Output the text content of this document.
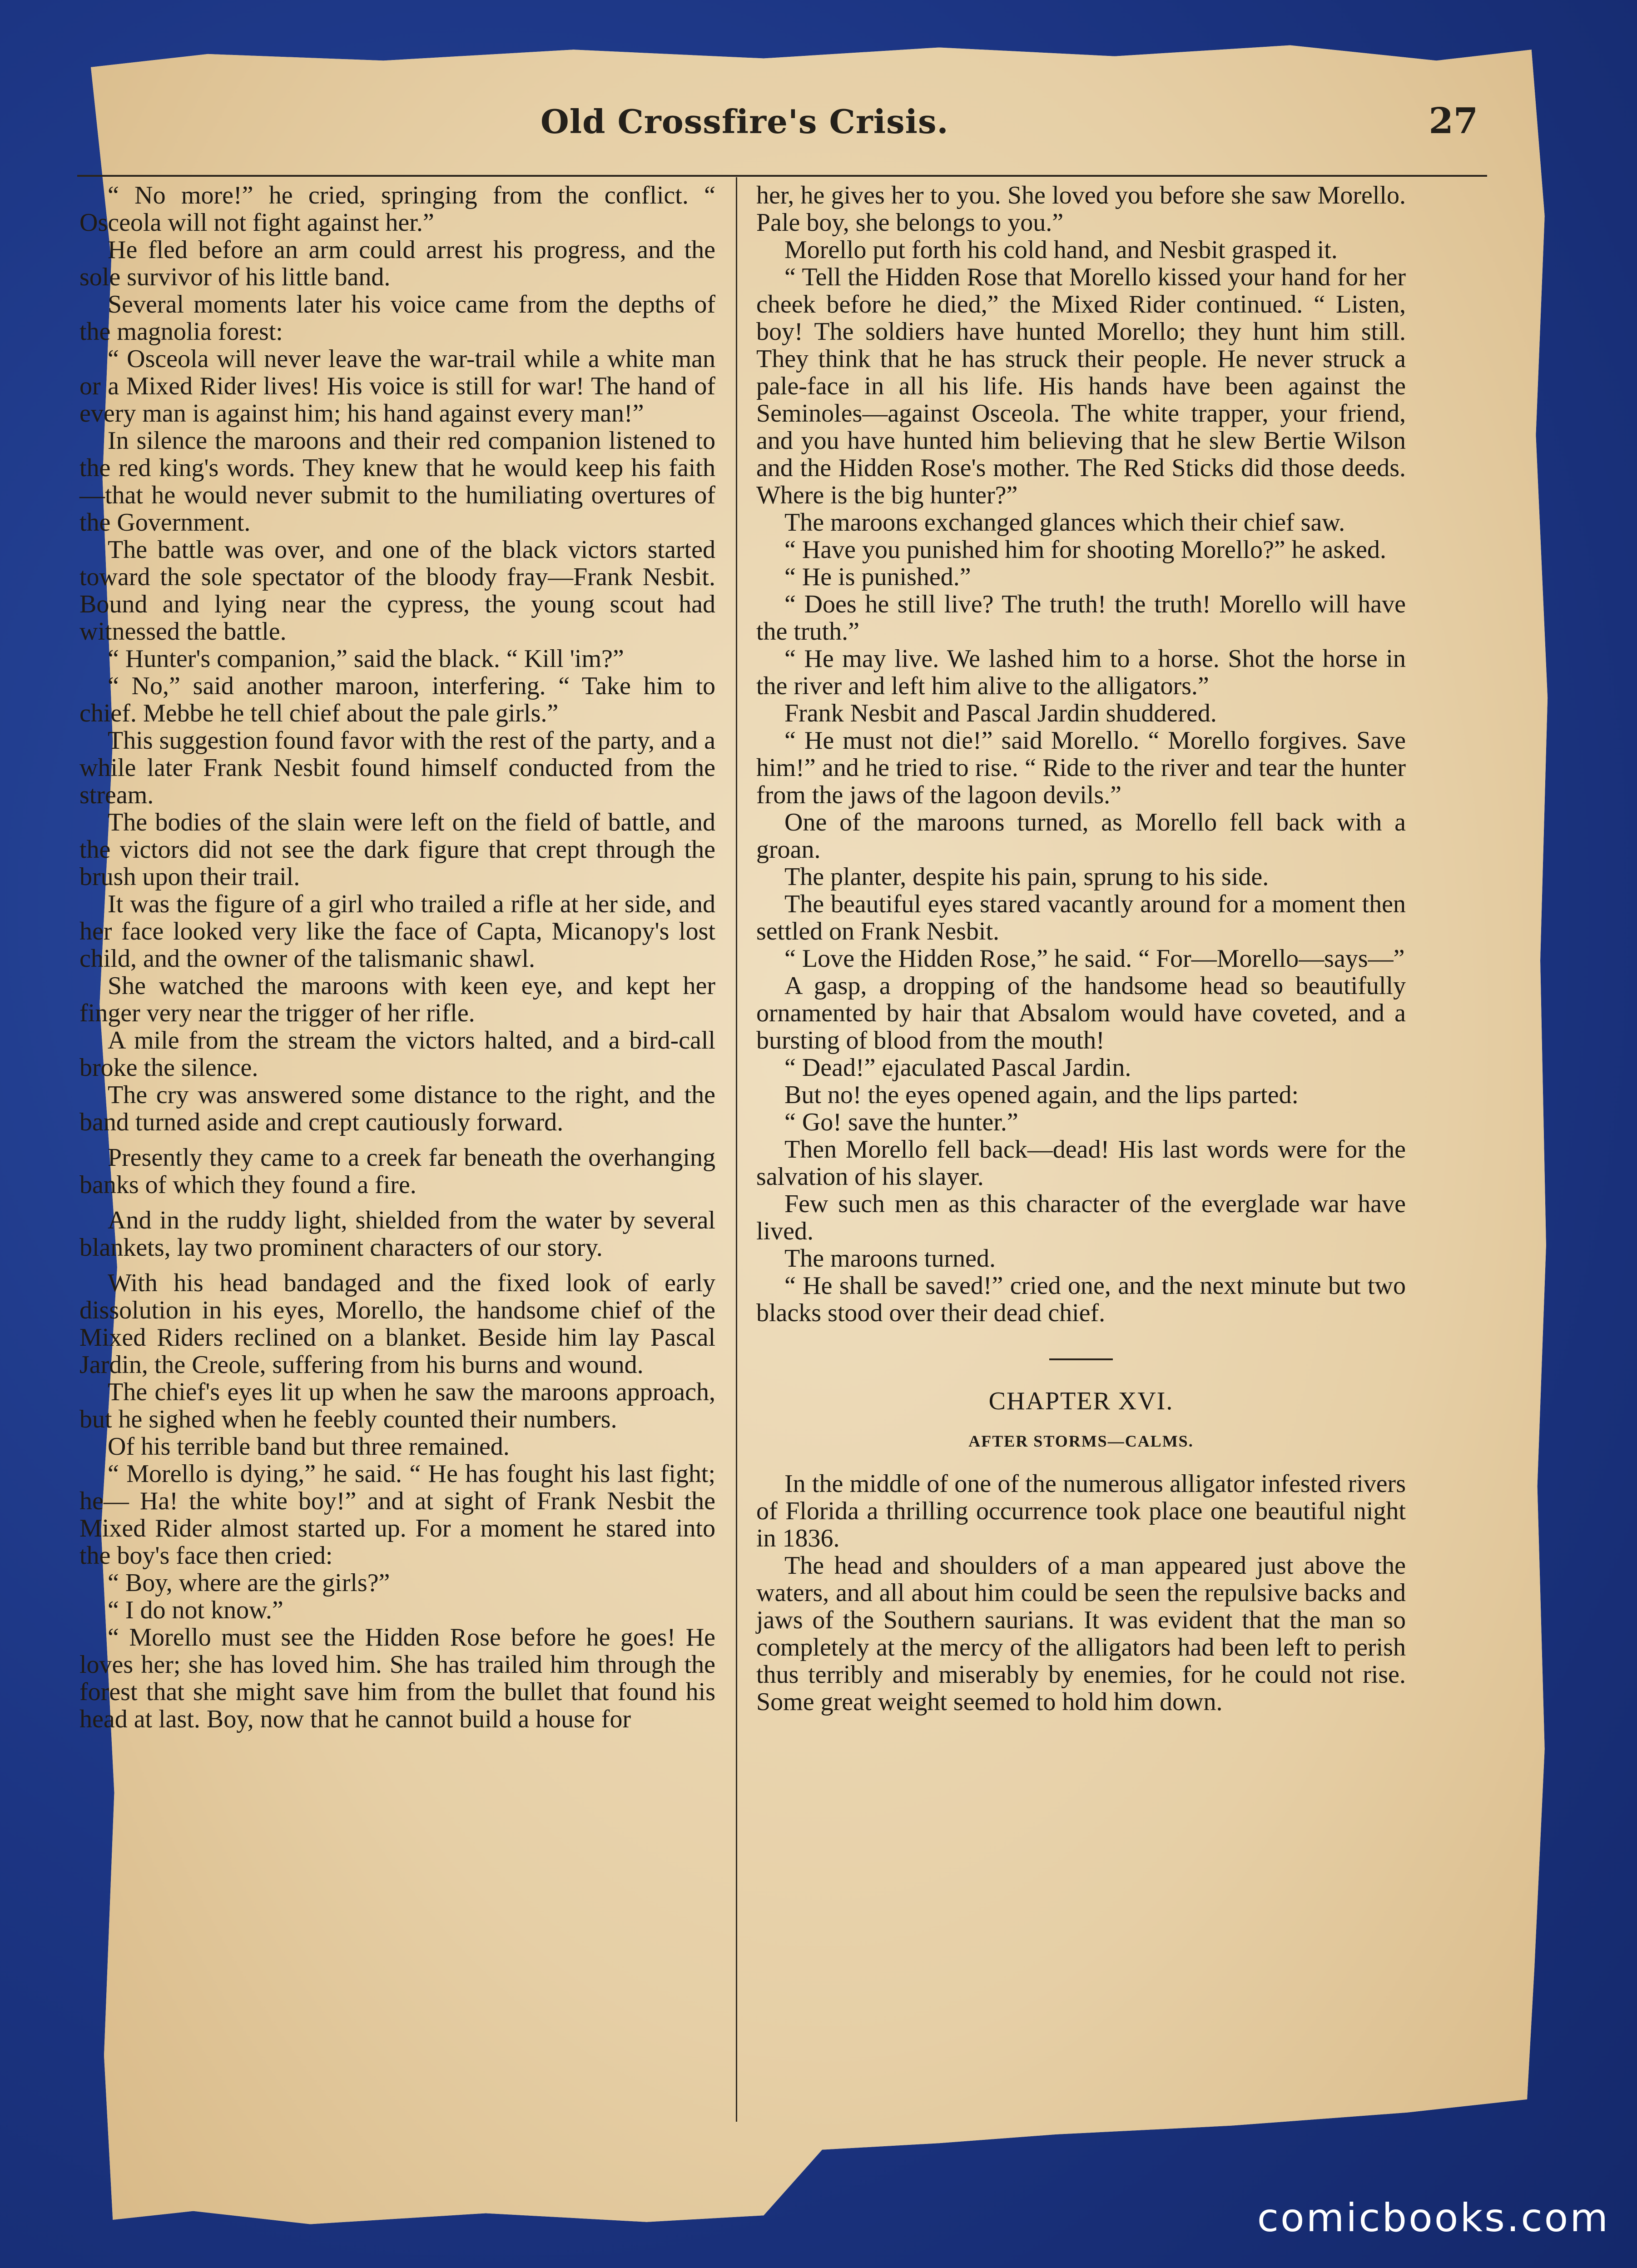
Old Crossfire's Crisis.	27

“ No more!” he cried, springing from the conflict. “ Osceola will not fight against her.”

He fled before an arm could arrest his progress, and the sole survivor of his little band.

Several moments later his voice came from the depths of the magnolia forest:

“ Osceola will never leave the war-trail while a white man or a Mixed Rider lives! His voice is still for war! The hand of every man is against him; his hand against every man!”

In silence the maroons and their red companion listened to the red king's words. They knew that he would keep his faith—that he would never submit to the humiliating overtures of the Government.

The battle was over, and one of the black victors started toward the sole spectator of the bloody fray—Frank Nesbit. Bound and lying near the cypress, the young scout had witnessed the battle.

“ Hunter's companion,” said the black. “ Kill 'im?”

“ No,” said another maroon, interfering. “ Take him to chief. Mebbe he tell chief about the pale girls.”

This suggestion found favor with the rest of the party, and a while later Frank Nesbit found himself conducted from the stream.

The bodies of the slain were left on the field of battle, and the victors did not see the dark figure that crept through the brush upon their trail.

It was the figure of a girl who trailed a rifle at her side, and her face looked very like the face of Capta, Micanopy's lost child, and the owner of the talismanic shawl.

She watched the maroons with keen eye, and kept her finger very near the trigger of her rifle.

A mile from the stream the victors halted, and a bird-call broke the silence.

The cry was answered some distance to the right, and the band turned aside and crept cautiously forward.

Presently they came to a creek far beneath the overhanging banks of which they found a fire.

And in the ruddy light, shielded from the water by several blankets, lay two prominent characters of our story.

With his head bandaged and the fixed look of early dissolution in his eyes, Morello, the handsome chief of the Mixed Riders reclined on a blanket. Beside him lay Pascal Jardin, the Creole, suffering from his burns and wound.

The chief's eyes lit up when he saw the maroons approach, but he sighed when he feebly counted their numbers.

Of his terrible band but three remained.

“ Morello is dying,” he said. “ He has fought his last fight; he— Ha! the white boy!” and at sight of Frank Nesbit the Mixed Rider almost started up. For a moment he stared into the boy's face then cried:

“ Boy, where are the girls?”

“ I do not know.”

“ Morello must see the Hidden Rose before he goes! He loves her; she has loved him. She has trailed him through the forest that she might save him from the bullet that found his head at last. Boy, now that he cannot build a house for

her, he gives her to you. She loved you before she saw Morello. Pale boy, she belongs to you.”

Morello put forth his cold hand, and Nesbit grasped it.

“ Tell the Hidden Rose that Morello kissed your hand for her cheek before he died,” the Mixed Rider continued. “ Listen, boy! The soldiers have hunted Morello; they hunt him still. They think that he has struck their people. He never struck a pale-face in all his life. His hands have been against the Seminoles—against Osceola. The white trapper, your friend, and you have hunted him believing that he slew Bertie Wilson and the Hidden Rose's mother. The Red Sticks did those deeds. Where is the big hunter?”

The maroons exchanged glances which their chief saw.

“ Have you punished him for shooting Morello?” he asked.

“ He is punished.”

“ Does he still live? The truth! the truth! Morello will have the truth.”

“ He may live. We lashed him to a horse. Shot the horse in the river and left him alive to the alligators.”

Frank Nesbit and Pascal Jardin shuddered.

“ He must not die!” said Morello. “ Morello forgives. Save him!” and he tried to rise. “ Ride to the river and tear the hunter from the jaws of the lagoon devils.”

One of the maroons turned, as Morello fell back with a groan.

The planter, despite his pain, sprung to his side.

The beautiful eyes stared vacantly around for a moment then settled on Frank Nesbit.

“ Love the Hidden Rose,” he said. “ For—Morello—says—”

A gasp, a dropping of the handsome head so beautifully ornamented by hair that Absalom would have coveted, and a bursting of blood from the mouth!

“ Dead!” ejaculated Pascal Jardin.

But no! the eyes opened again, and the lips parted:

“ Go! save the hunter.”

Then Morello fell back—dead! His last words were for the salvation of his slayer.

Few such men as this character of the everglade war have lived.

The maroons turned.

“ He shall be saved!” cried one, and the next minute but two blacks stood over their dead chief.

CHAPTER XVI.
AFTER STORMS—CALMS.

In the middle of one of the numerous alligator infested rivers of Florida a thrilling occurrence took place one beautiful night in 1836.

The head and shoulders of a man appeared just above the waters, and all about him could be seen the repulsive backs and jaws of the Southern saurians. It was evident that the man so completely at the mercy of the alligators had been left to perish thus terribly and miserably by enemies, for he could not rise. Some great weight seemed to hold him down.

comicbooks.com
